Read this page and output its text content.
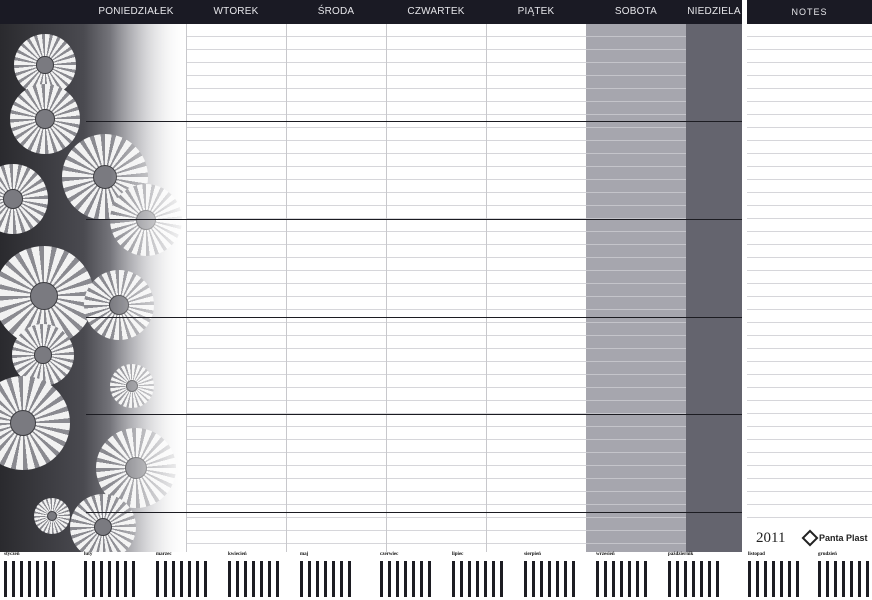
PONIEDZIAŁEK	WTOREK	ŚRODA	CZWARTEK	PIĄTEK	SOBOTA	NIEDZIELA	NOTES
2011	Panta Plast
styczeń	luty	marzec	kwiecień	maj	czerwiec	lipiec	sierpień	wrzesień	październik	listopad	grudzień
